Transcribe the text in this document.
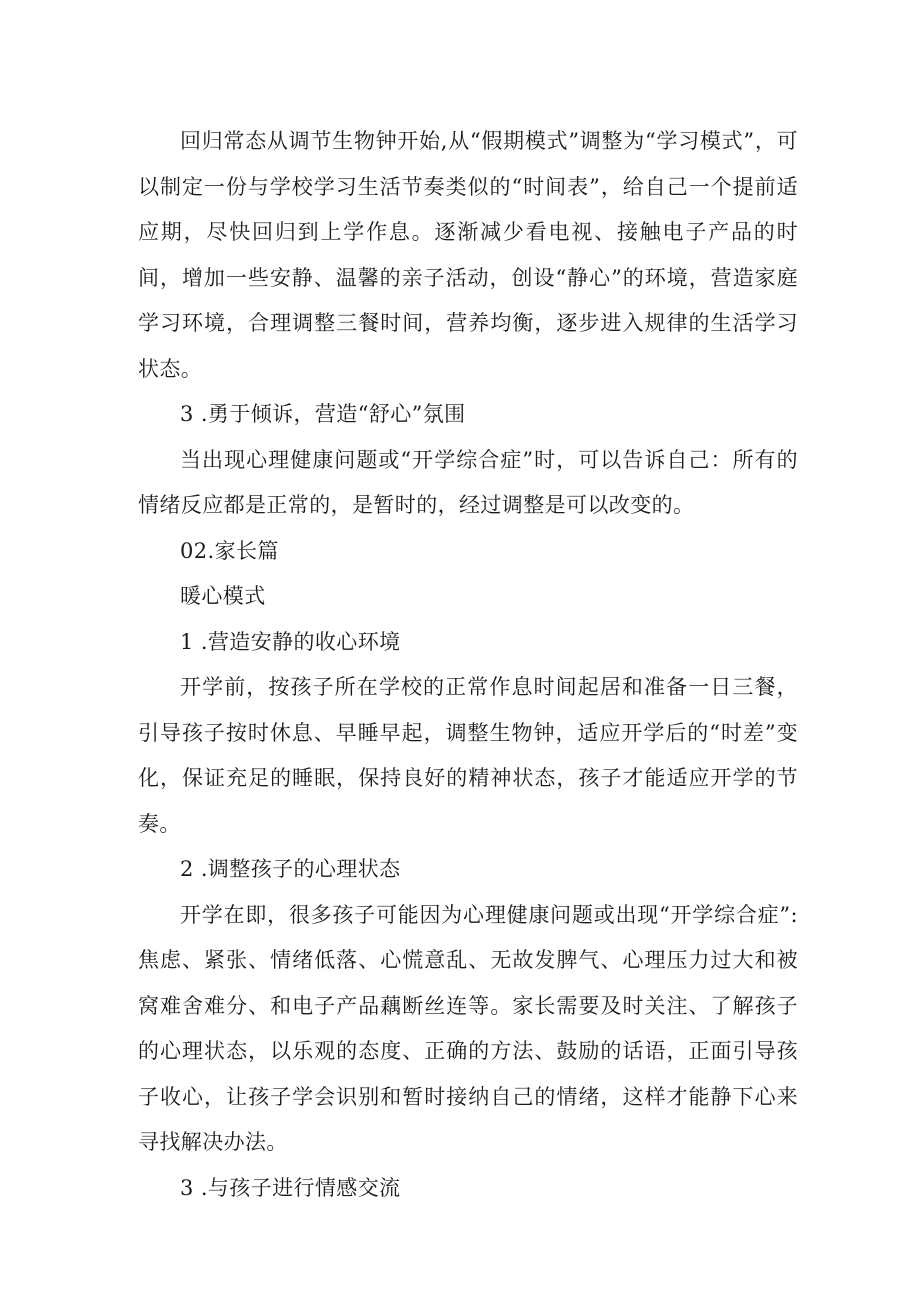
回归常态从调节生物钟开始,从“假期模式”调整为“学习模式”，可以制定一份与学校学习生活节奏类似的“时间表”，给自己一个提前适应期，尽快回归到上学作息。逐渐减少看电视、接触电子产品的时间，增加一些安静、温馨的亲子活动，创设“静心”的环境，营造家庭学习环境，合理调整三餐时间，营养均衡，逐步进入规律的生活学习状态。

3 .勇于倾诉，营造“舒心”氛围

当出现心理健康问题或“开学综合症”时，可以告诉自己：所有的情绪反应都是正常的，是暂时的，经过调整是可以改变的。

02.家长篇

暖心模式

1 .营造安静的收心环境

开学前，按孩子所在学校的正常作息时间起居和准备一日三餐，引导孩子按时休息、早睡早起，调整生物钟，适应开学后的“时差”变化，保证充足的睡眠，保持良好的精神状态，孩子才能适应开学的节奏。

2 .调整孩子的心理状态

开学在即，很多孩子可能因为心理健康问题或出现“开学综合症”:焦虑、紧张、情绪低落、心慌意乱、无故发脾气、心理压力过大和被窝难舍难分、和电子产品藕断丝连等。家长需要及时关注、了解孩子的心理状态，以乐观的态度、正确的方法、鼓励的话语，正面引导孩子收心，让孩子学会识别和暂时接纳自己的情绪，这样才能静下心来寻找解决办法。

3 .与孩子进行情感交流
